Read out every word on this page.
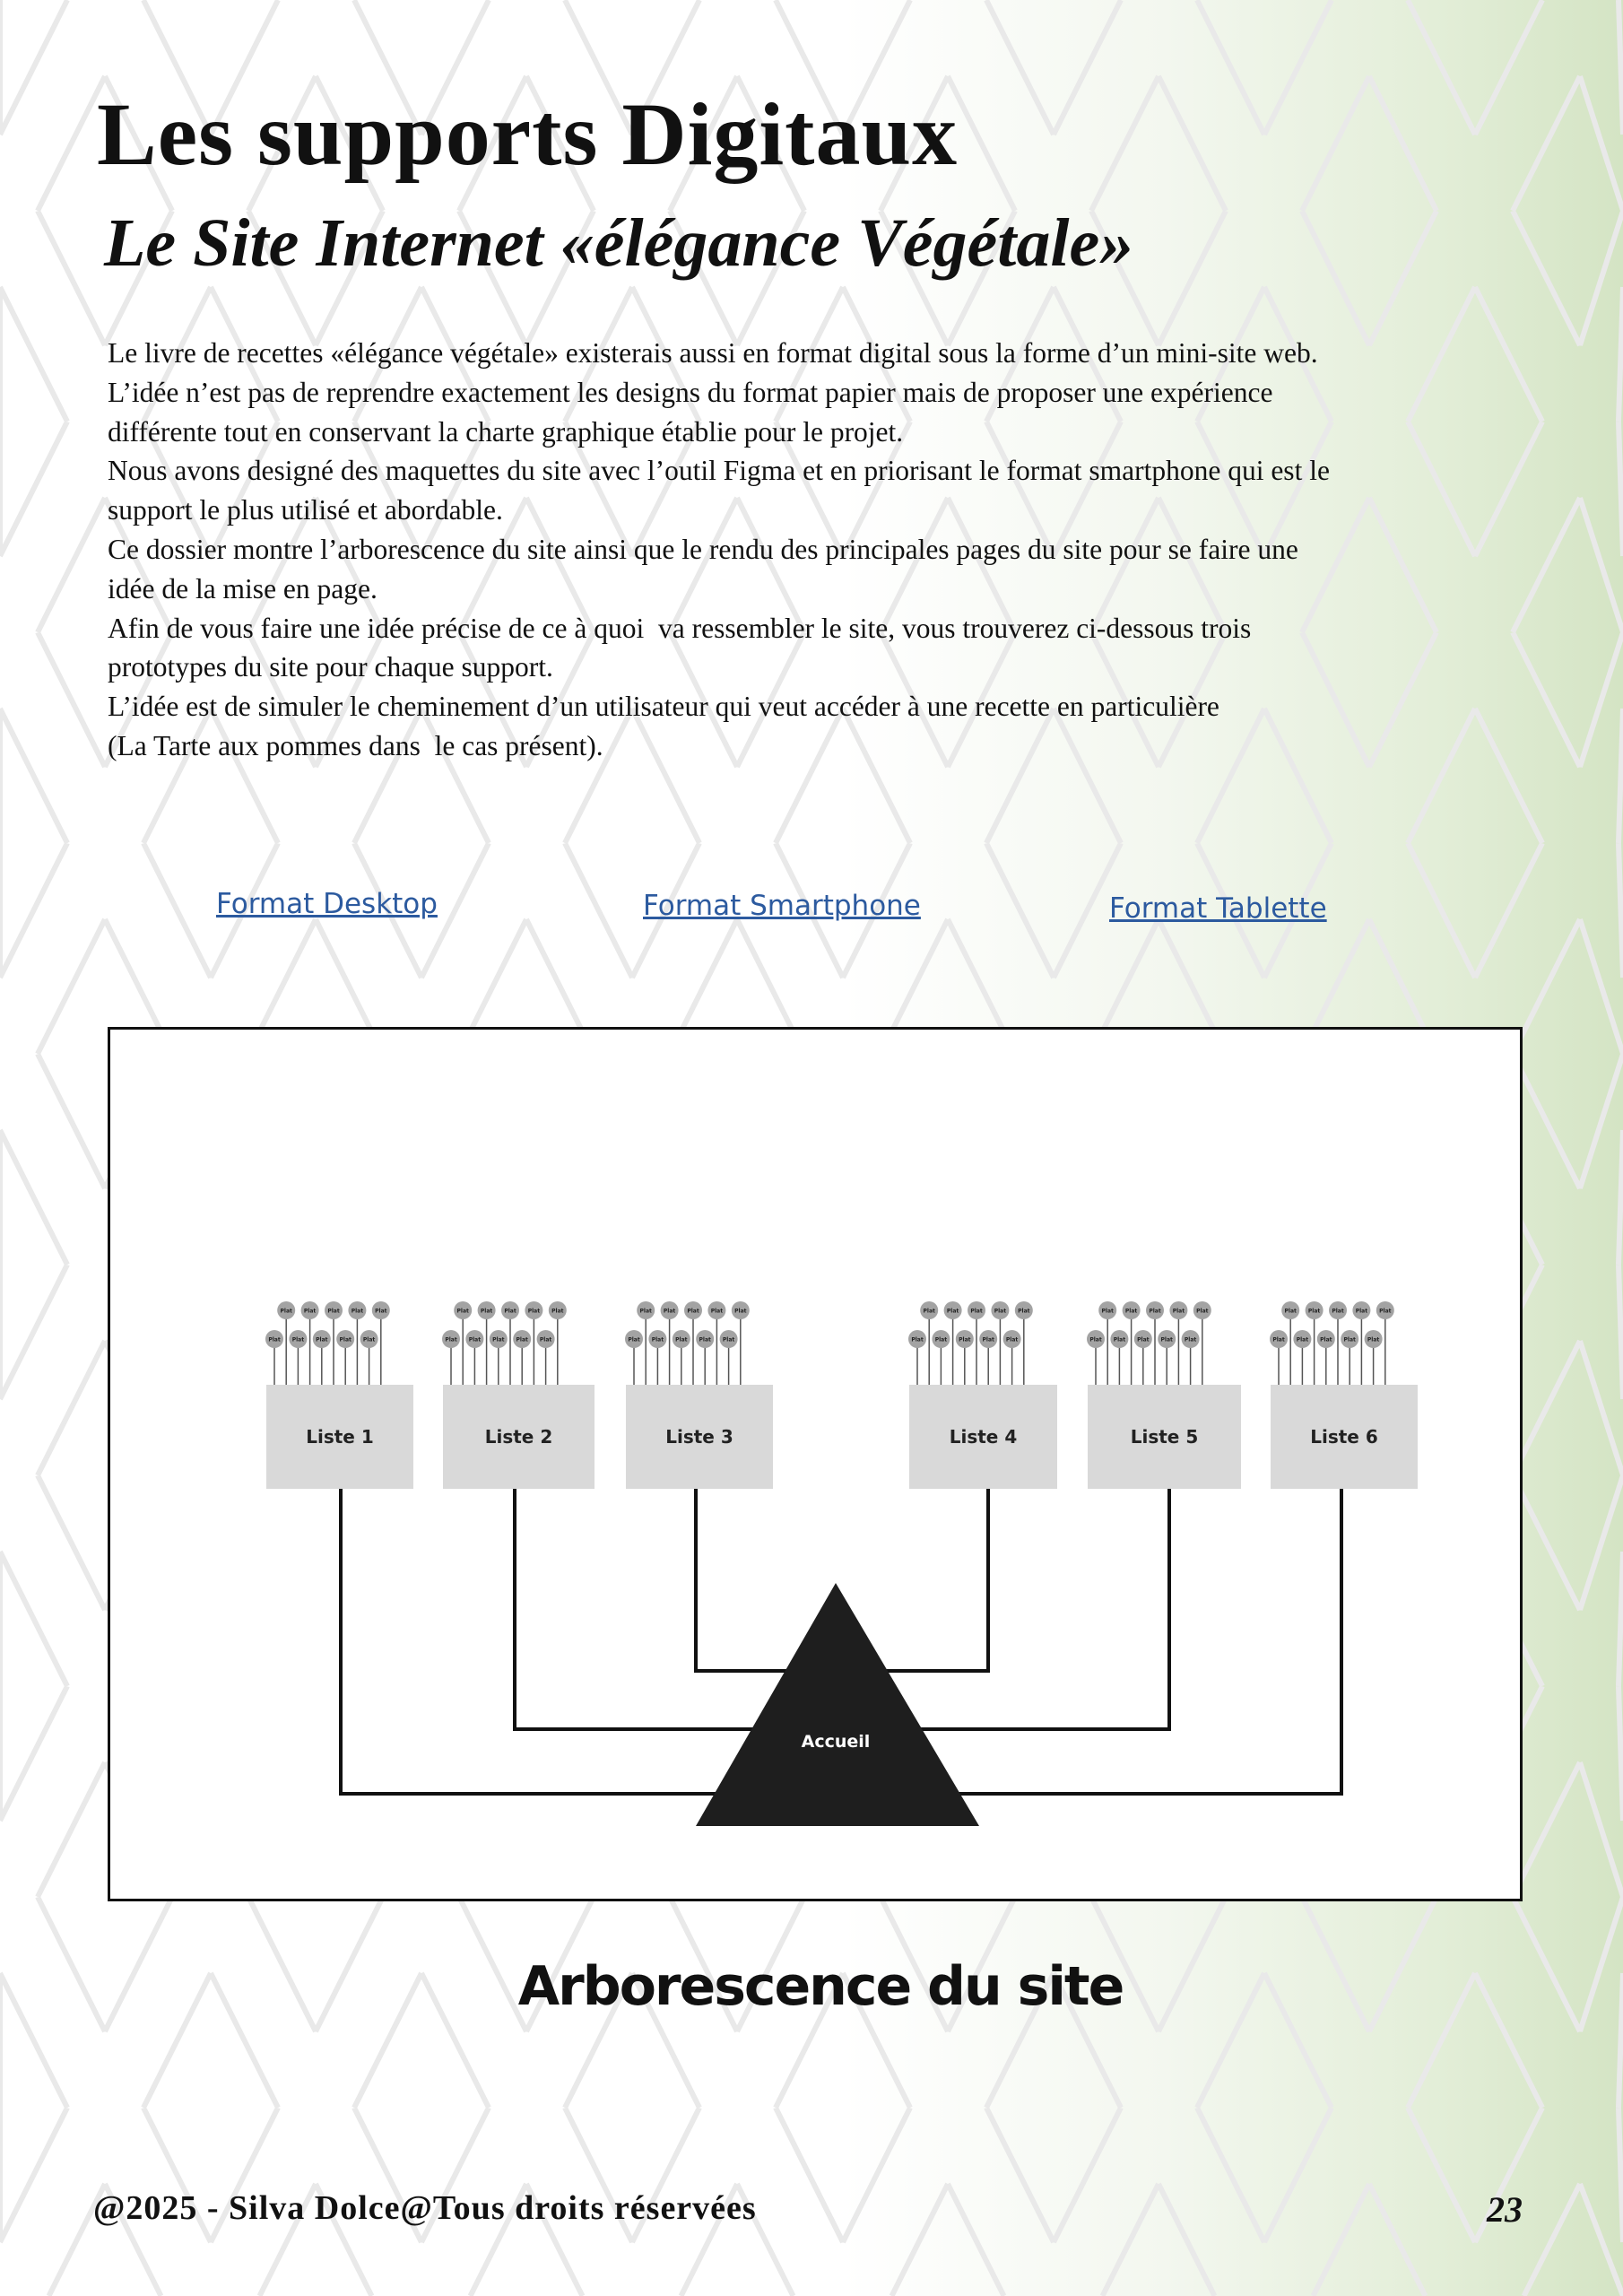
Les supports Digitaux
Le Site Internet «élégance Végétale»

Le livre de recettes «élégance végétale» existerais aussi en format digital sous la forme d’un mini-site web.

L’idée n’est pas de reprendre exactement les designs du format papier mais de proposer une expérience

différente tout en conservant la charte graphique établie pour le projet.

Nous avons designé des maquettes du site avec l’outil Figma et en priorisant le format smartphone qui est le

support le plus utilisé et abordable.

Ce dossier montre l’arborescence du site ainsi que le rendu des principales pages du site pour se faire une

idée de la mise en page.

Afin de vous faire une idée précise de ce à quoi  va ressembler le site, vous trouverez ci-dessous trois

prototypes du site pour chaque support.

L’idée est de simuler le cheminement d’un utilisateur qui veut accéder à une recette en particulière

(La Tarte aux pommes dans  le cas présent).

Format Desktop	Format Smartphone	Format Tablette
Accueil
Plat
Plat
Plat
Plat
Plat
Plat
Plat
Plat
Plat
Plat
Liste 1
Plat
Plat
Plat
Plat
Plat
Plat
Plat
Plat
Plat
Plat
Liste 2
Plat
Plat
Plat
Plat
Plat
Plat
Plat
Plat
Plat
Plat
Liste 3
Plat
Plat
Plat
Plat
Plat
Plat
Plat
Plat
Plat
Plat
Liste 4
Plat
Plat
Plat
Plat
Plat
Plat
Plat
Plat
Plat
Plat
Liste 5
Plat
Plat
Plat
Plat
Plat
Plat
Plat
Plat
Plat
Plat
Liste 6
Arborescence du site
@2025 - Silva Dolce@Tous droits réservées	23
